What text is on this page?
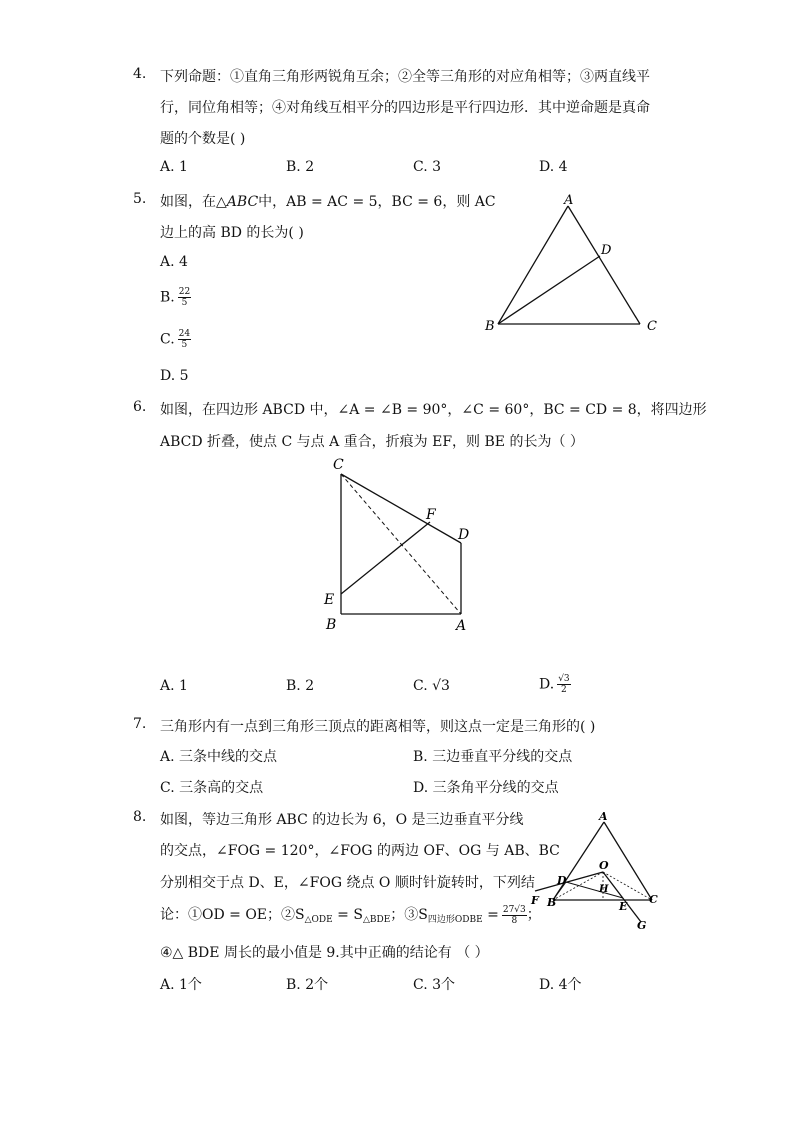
4. 下列命题：①直角三角形两锐角互余；②全等三角形的对应角相等；③两直线平
行，同位角相等；④对角线互相平分的四边形是平行四边形．其中逆命题是真命
题的个数是( )
A. 1	B. 2	C. 3	D. 4
5. 如图，在△ABC中，AB = AC = 5，BC = 6，则 AC
边上的高 BD 的长为( )
A. 4
B. $\frac{22}{5}$
C. $\frac{24}{5}$
D. 5
A
B	C
D
6. 如图，在四边形 ABCD 中，∠A = ∠B = 90°，∠C = 60°，BC = CD = 8，将四边形
ABCD 折叠，使点 C 与点 A 重合，折痕为 EF，则 BE 的长为（ ）
C
D
F
E
B	A
A. 1	B. 2	C. √3	D. $\frac{√3}{2}$
7. 三角形内有一点到三角形三顶点的距离相等，则这点一定是三角形的( )
A. 三条中线的交点	B. 三边垂直平分线的交点
C. 三条高的交点	D. 三条角平分线的交点
8. 如图，等边三角形 ABC 的边长为 6，O 是三边垂直平分线
的交点，∠FOG = 120°，∠FOG 的两边 OF、OG 与 AB、BC
分别相交于点 D、E，∠FOG 绕点 O 顺时针旋转时，下列结
论：①OD = OE；$②S_{\triangle ODE} = S_{\triangle BDE}$；$③S_{四边形ODBE} = \frac{27√3}{8}$ ；
④△ BDE 周长的最小值是 9.其中正确的结论有 （ ）
A. 1个	B. 2个	C. 3个	D. 4个
A
O
D
H
B
F	E
C
G
